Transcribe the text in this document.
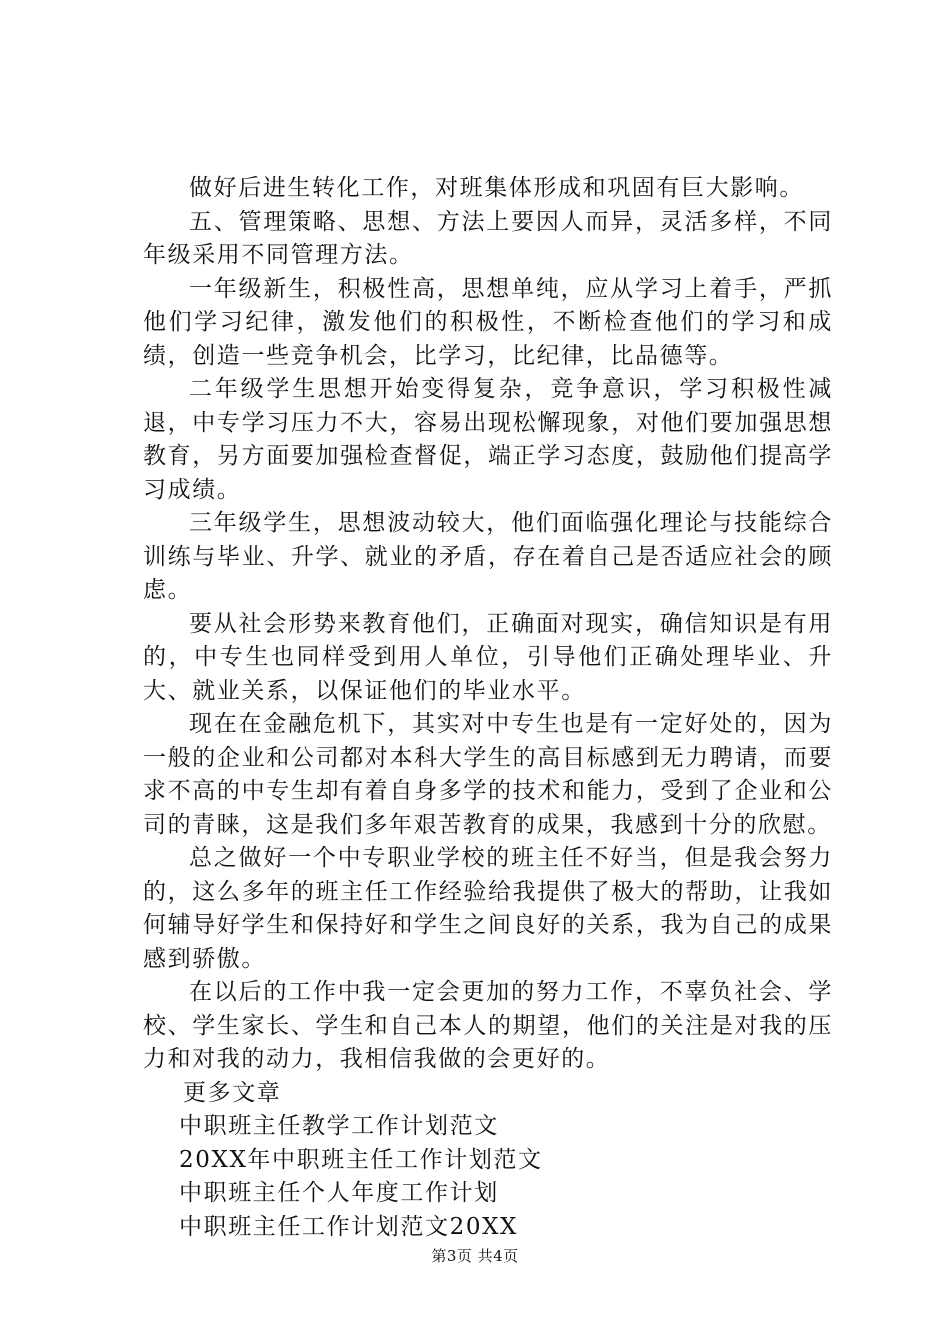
做好后进生转化工作，对班集体形成和巩固有巨大影响。

五、管理策略、思想、方法上要因人而异，灵活多样，不同年级采用不同管理方法。

一年级新生，积极性高，思想单纯，应从学习上着手，严抓他们学习纪律，激发他们的积极性，不断检查他们的学习和成绩，创造一些竞争机会，比学习，比纪律，比品德等。

二年级学生思想开始变得复杂，竞争意识，学习积极性减退，中专学习压力不大，容易出现松懈现象，对他们要加强思想教育，另方面要加强检查督促，端正学习态度，鼓励他们提高学习成绩。

三年级学生，思想波动较大，他们面临强化理论与技能综合训练与毕业、升学、就业的矛盾，存在着自己是否适应社会的顾虑。

要从社会形势来教育他们，正确面对现实，确信知识是有用的，中专生也同样受到用人单位，引导他们正确处理毕业、升大、就业关系，以保证他们的毕业水平。

现在在金融危机下，其实对中专生也是有一定好处的，因为一般的企业和公司都对本科大学生的高目标感到无力聘请，而要求不高的中专生却有着自身多学的技术和能力，受到了企业和公司的青睐，这是我们多年艰苦教育的成果，我感到十分的欣慰。

总之做好一个中专职业学校的班主任不好当，但是我会努力的，这么多年的班主任工作经验给我提供了极大的帮助，让我如何辅导好学生和保持好和学生之间良好的关系，我为自己的成果感到骄傲。

在以后的工作中我一定会更加的努力工作，不辜负社会、学校、学生家长、学生和自己本人的期望，他们的关注是对我的压力和对我的动力，我相信我做的会更好的。

更多文章
中职班主任教学工作计划范文
20XX年中职班主任工作计划范文
中职班主任个人年度工作计划
中职班主任工作计划范文20XX
第3页 共4页
